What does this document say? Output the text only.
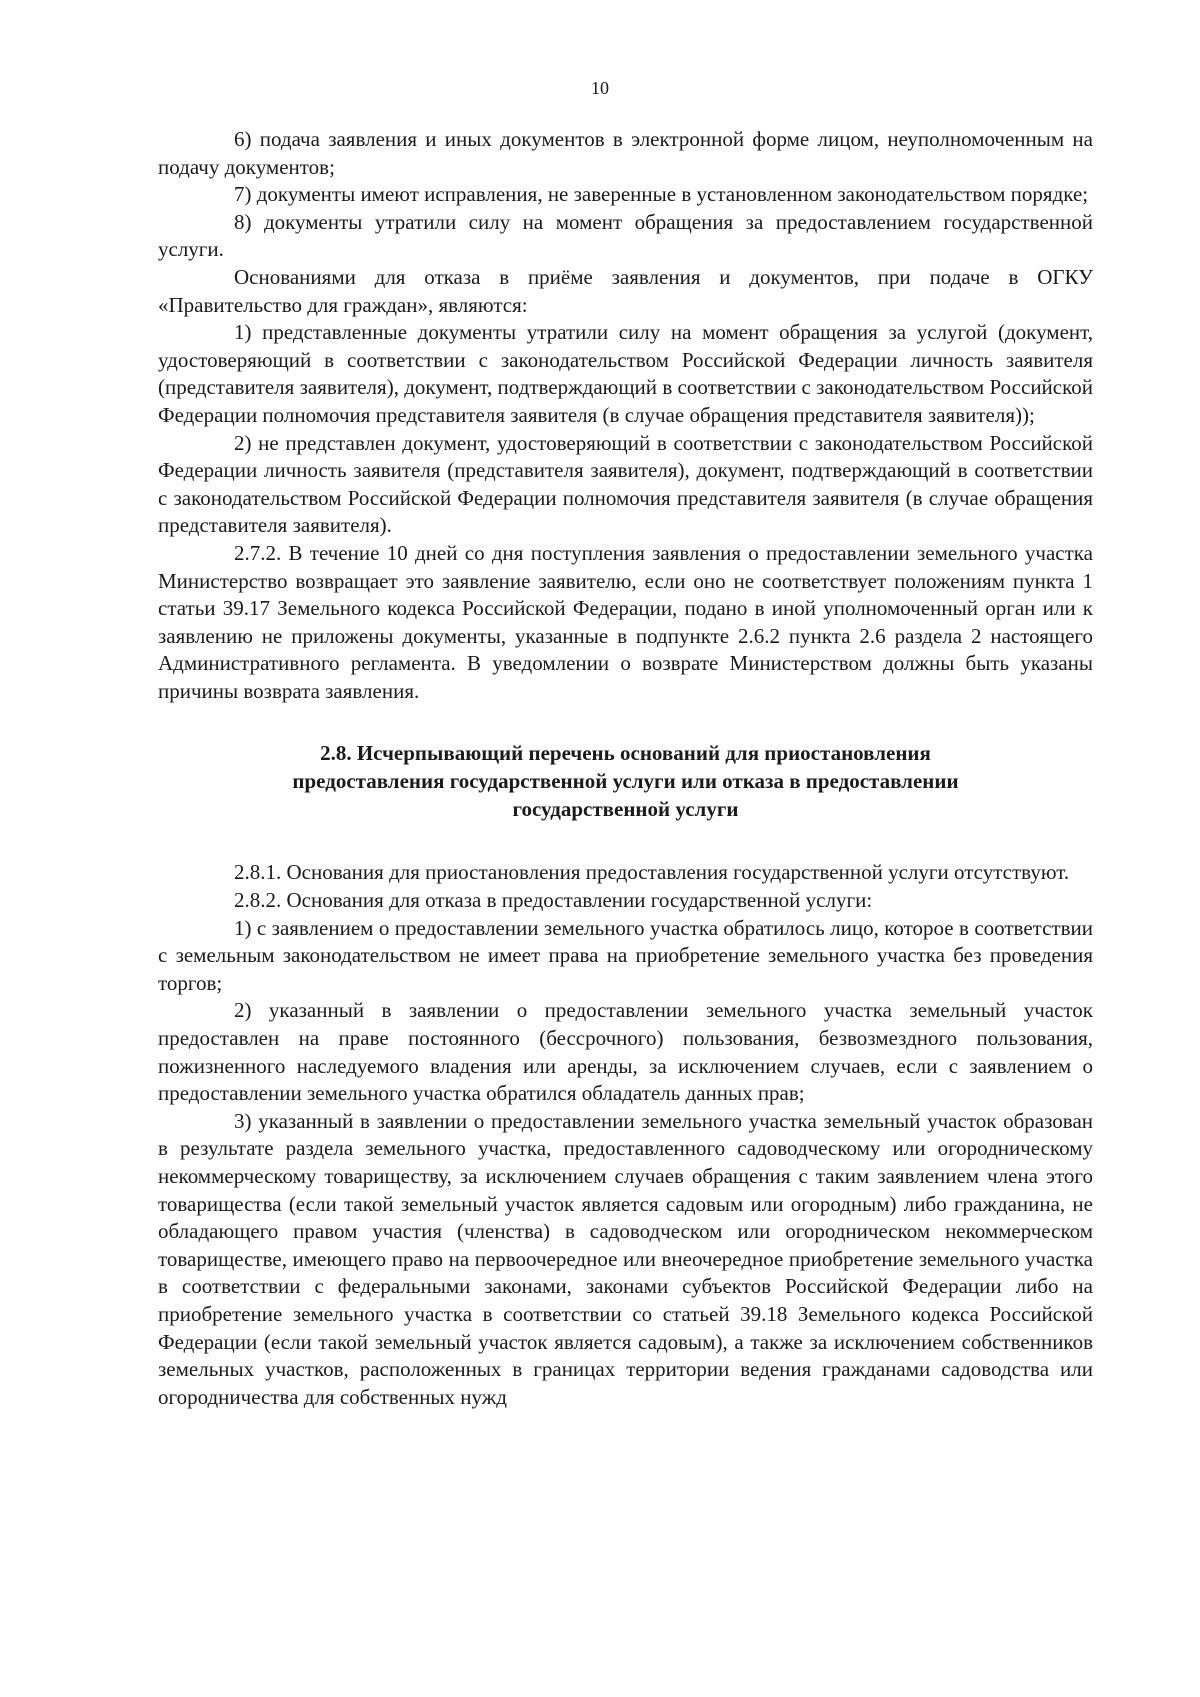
10

6) подача заявления и иных документов в электронной форме лицом, неуполномоченным на подачу документов;

7) документы имеют исправления, не заверенные в установленном законодательством порядке;

8) документы утратили силу на момент обращения за предоставлением государственной услуги.

Основаниями для отказа в приёме заявления и документов, при подаче в ОГКУ «Правительство для граждан», являются:

1) представленные документы утратили силу на момент обращения за услугой (документ, удостоверяющий в соответствии с законодательством Российской Федерации личность заявителя (представителя заявителя), документ, подтверждающий в соответствии с законодательством Российской Федерации полномочия представителя заявителя (в случае обращения представителя заявителя));

2) не представлен документ, удостоверяющий в соответствии с законодательством Российской Федерации личность заявителя (представителя заявителя), документ, подтверждающий в соответствии с законодательством Российской Федерации полномочия представителя заявителя (в случае обращения представителя заявителя).

2.7.2. В течение 10 дней со дня поступления заявления о предоставлении земельного участка Министерство возвращает это заявление заявителю, если оно не соответствует положениям пункта 1 статьи 39.17 Земельного кодекса Российской Федерации, подано в иной уполномоченный орган или к заявлению не приложены документы, указанные в подпункте 2.6.2 пункта 2.6 раздела 2 настоящего Административного регламента. В уведомлении о возврате Министерством должны быть указаны причины возврата заявления.

2.8. Исчерпывающий перечень оснований для приостановления
предоставления государственной услуги или отказа в предоставлении
государственной услуги

2.8.1. Основания для приостановления предоставления государственной услуги отсутствуют.

2.8.2. Основания для отказа в предоставлении государственной услуги:

1) с заявлением о предоставлении земельного участка обратилось лицо, которое в соответствии с земельным законодательством не имеет права на приобретение земельного участка без проведения торгов;

2) указанный в заявлении о предоставлении земельного участка земельный участок предоставлен на праве постоянного (бессрочного) пользования, безвозмездного пользования, пожизненного наследуемого владения или аренды, за исключением случаев, если с заявлением о предоставлении земельного участка обратился обладатель данных прав;

3) указанный в заявлении о предоставлении земельного участка земельный участок образован в результате раздела земельного участка, предоставленного садоводческому или огородническому некоммерческому товариществу, за исключением случаев обращения с таким заявлением члена этого товарищества (если такой земельный участок является садовым или огородным) либо гражданина, не обладающего правом участия (членства) в садоводческом или огородническом некоммерческом товариществе, имеющего право на первоочередное или внеочередное приобретение земельного участка в соответствии с федеральными законами, законами субъектов Российской Федерации либо на приобретение земельного участка в соответствии со статьей 39.18 Земельного кодекса Российской Федерации (если такой земельный участок является садовым), а также за исключением собственников земельных участков, расположенных в границах территории ведения гражданами садоводства или огородничества для собственных нужд
